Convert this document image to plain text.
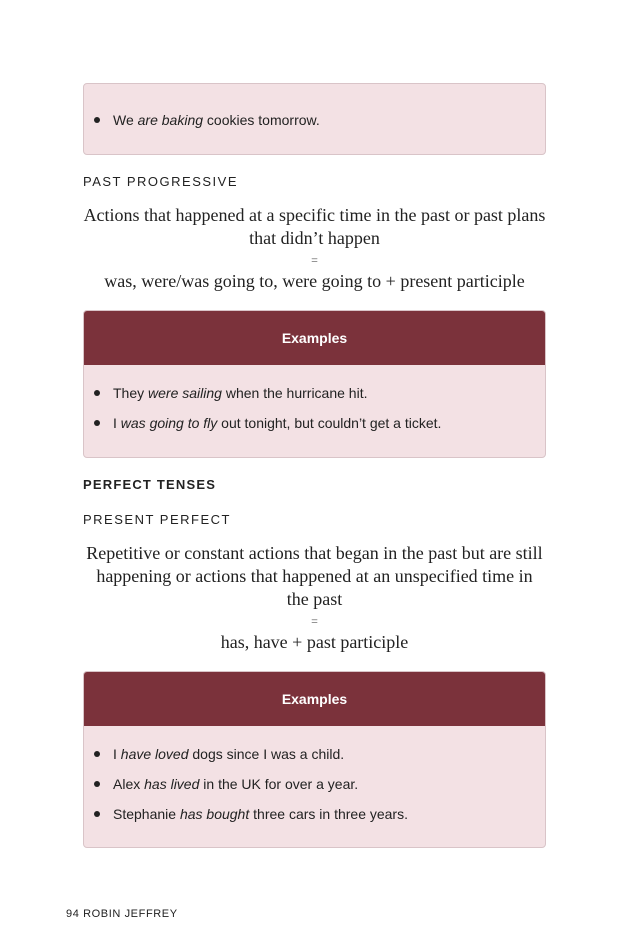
We are baking cookies tomorrow.
PAST PROGRESSIVE
Actions that happened at a specific time in the past or past plans
that didn’t happen
=
was, were/was going to, were going to + present participle
Examples
They were sailing when the hurricane hit.
I was going to fly out tonight, but couldn’t get a ticket.
PERFECT TENSES
PRESENT PERFECT
Repetitive or constant actions that began in the past but are still
happening or actions that happened at an unspecified time in
the past
=
has, have + past participle
Examples
I have loved dogs since I was a child.
Alex has lived in the UK for over a year.
Stephanie has bought three cars in three years.
94 ROBIN JEFFREY
